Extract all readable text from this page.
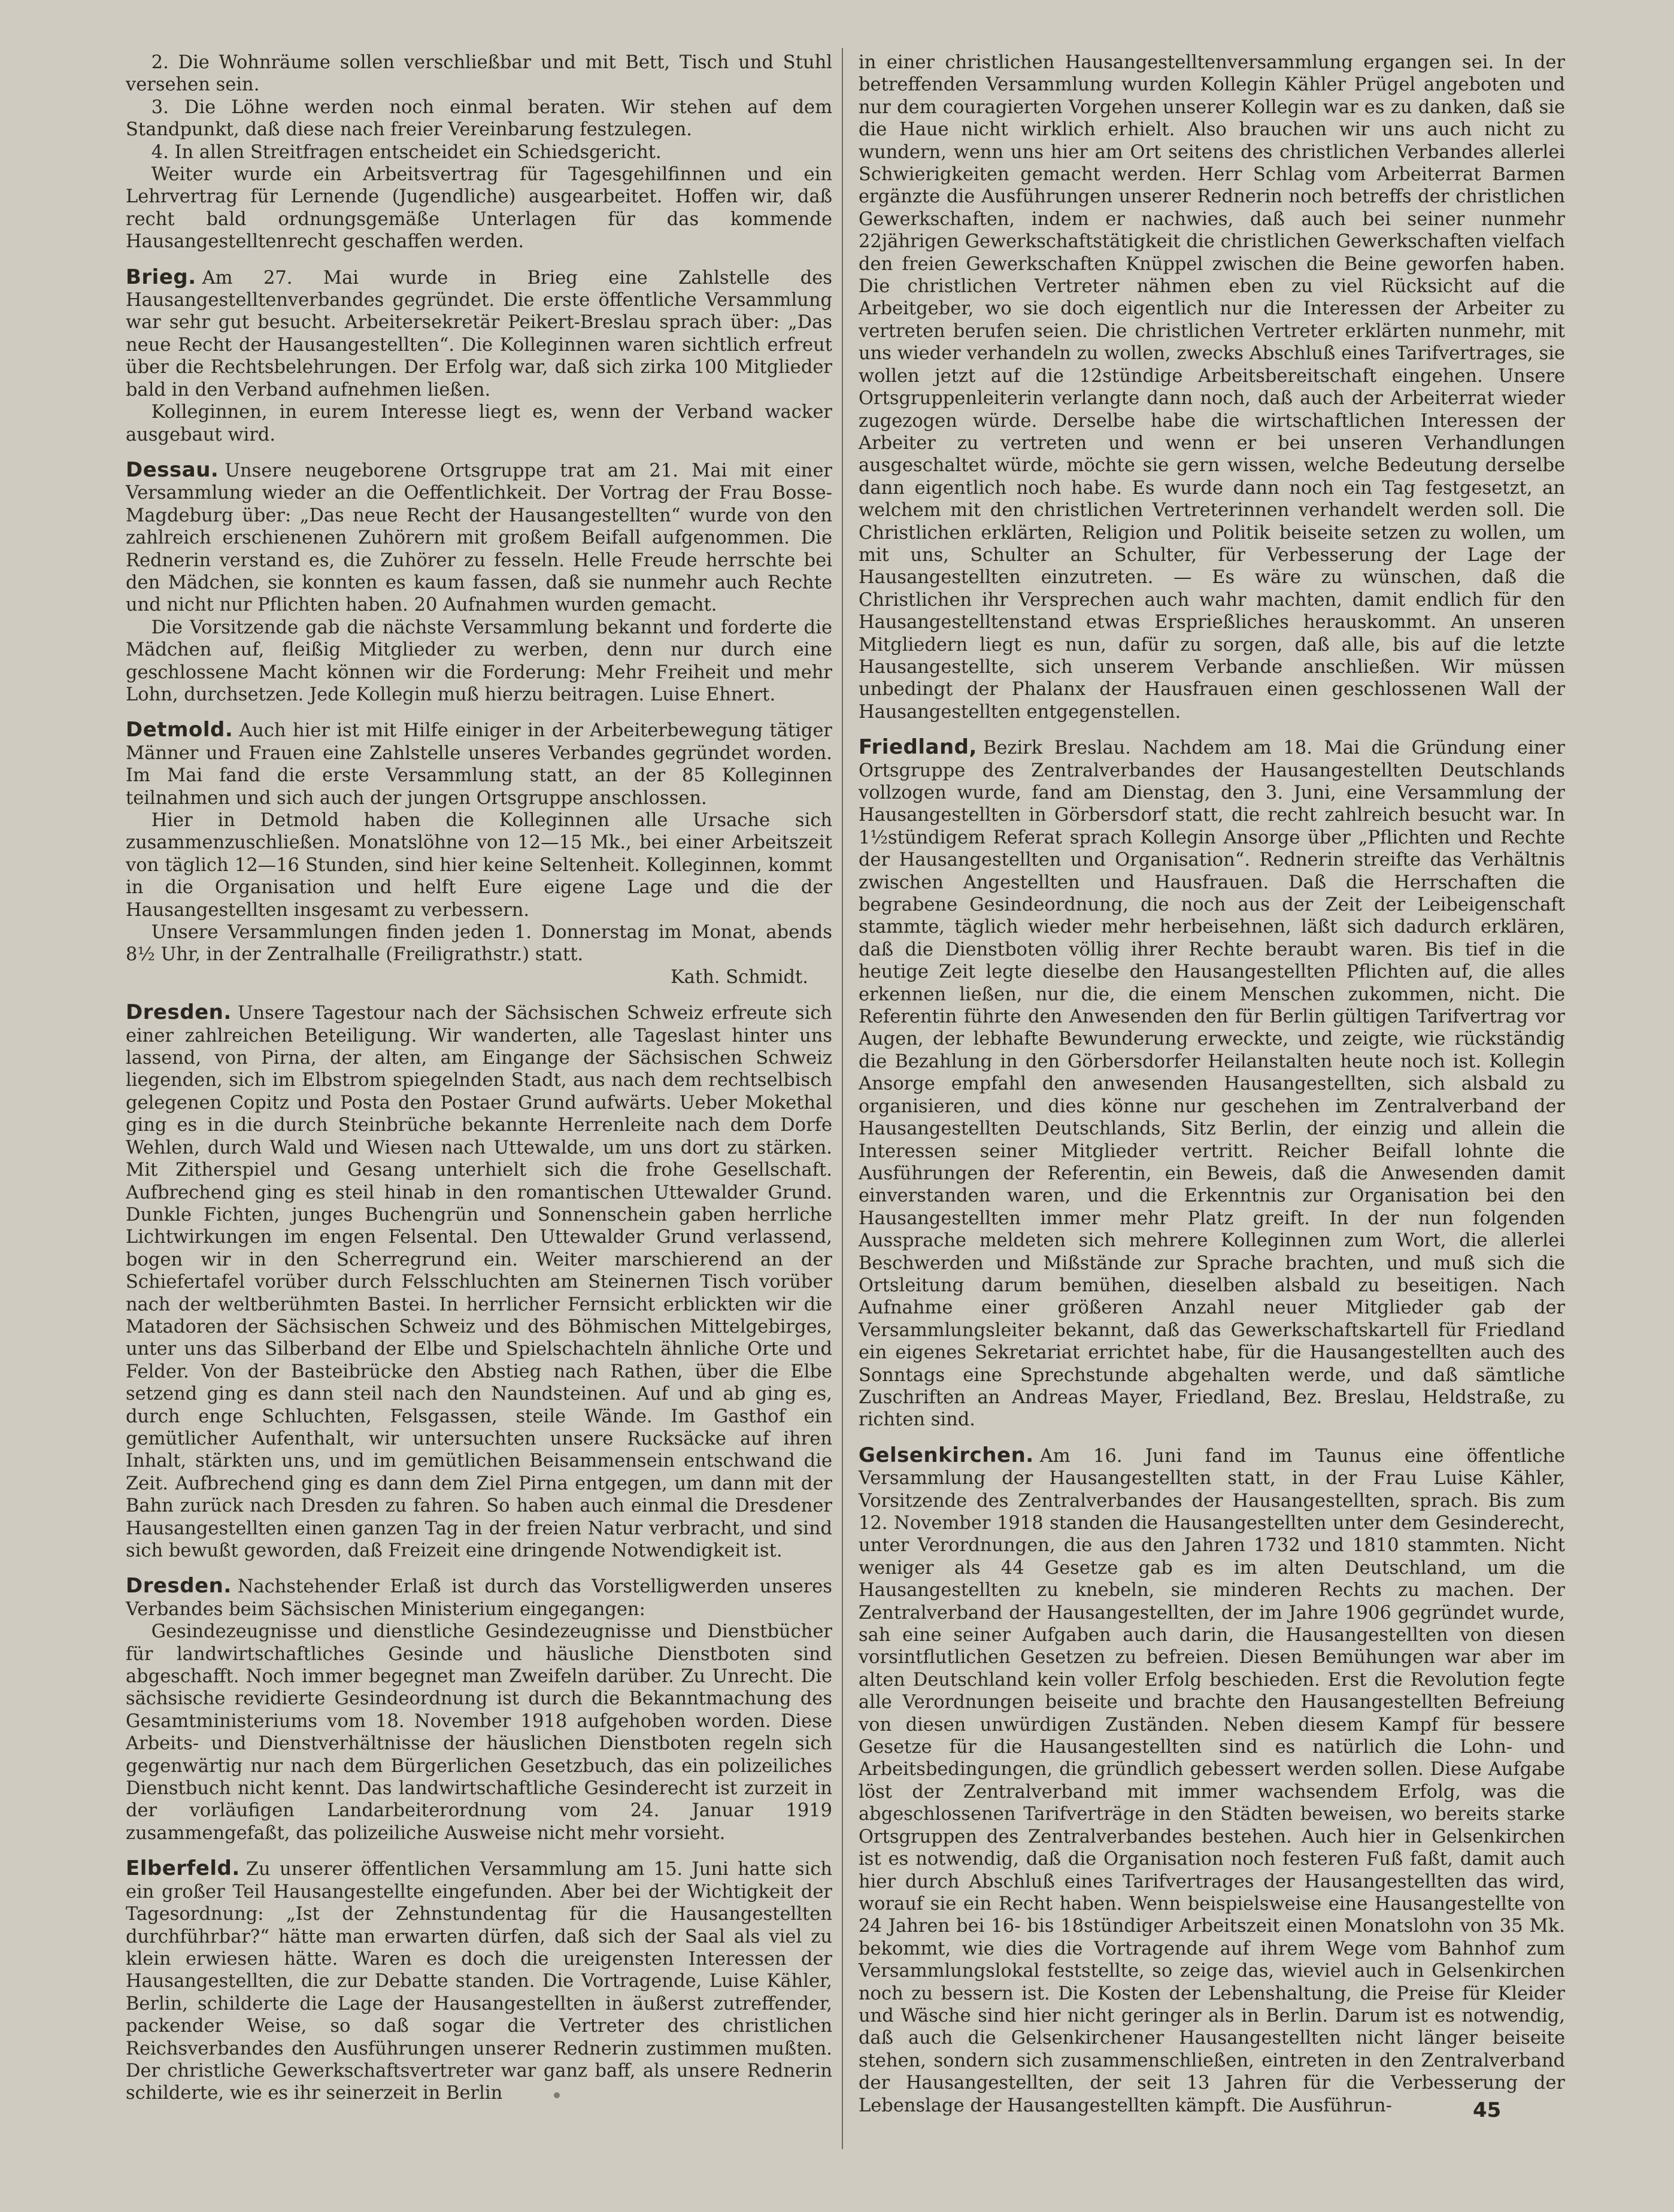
2. Die Wohnräume sollen verschließbar und mit Bett, Tisch und Stuhl versehen sein.

3. Die Löhne werden noch einmal beraten. Wir stehen auf dem Standpunkt, daß diese nach freier Vereinbarung festzulegen.

4. In allen Streitfragen entscheidet ein Schiedsgericht.

Weiter wurde ein Arbeitsvertrag für Tagesgehilfinnen und ein Lehrvertrag für Lernende (Jugendliche) ausgearbeitet. Hoffen wir, daß recht bald ordnungsgemäße Unterlagen für das kommende Hausangestelltenrecht geschaffen werden.

Brieg. Am 27. Mai wurde in Brieg eine Zahlstelle des Hausangestelltenverbandes gegründet. Die erste öffentliche Versammlung war sehr gut besucht. Arbeitersekretär Peikert-Breslau sprach über: „Das neue Recht der Hausangestellten“. Die Kolleginnen waren sichtlich erfreut über die Rechtsbelehrungen. Der Erfolg war, daß sich zirka 100 Mitglieder bald in den Verband aufnehmen ließen.

Kolleginnen, in eurem Interesse liegt es, wenn der Verband wacker ausgebaut wird.

Dessau. Unsere neugeborene Ortsgruppe trat am 21. Mai mit einer Versammlung wieder an die Oeffentlichkeit. Der Vortrag der Frau Bosse-Magdeburg über: „Das neue Recht der Hausangestellten“ wurde von den zahlreich erschienenen Zuhörern mit großem Beifall aufgenommen. Die Rednerin verstand es, die Zuhörer zu fesseln. Helle Freude herrschte bei den Mädchen, sie konnten es kaum fassen, daß sie nunmehr auch Rechte und nicht nur Pflichten haben. 20 Aufnahmen wurden gemacht.

Die Vorsitzende gab die nächste Versammlung bekannt und forderte die Mädchen auf, fleißig Mitglieder zu werben, denn nur durch eine geschlossene Macht können wir die Forderung: Mehr Freiheit und mehr Lohn, durchsetzen. Jede Kollegin muß hierzu beitragen. Luise Ehnert.

Detmold. Auch hier ist mit Hilfe einiger in der Arbeiterbewegung tätiger Männer und Frauen eine Zahlstelle unseres Verbandes gegründet worden. Im Mai fand die erste Versammlung statt, an der 85 Kolleginnen teilnahmen und sich auch der jungen Ortsgruppe anschlossen.

Hier in Detmold haben die Kolleginnen alle Ursache sich zusammenzuschließen. Monatslöhne von 12—15 Mk., bei einer Arbeitszeit von täglich 12—16 Stunden, sind hier keine Seltenheit. Kolleginnen, kommt in die Organisation und helft Eure eigene Lage und die der Hausangestellten insgesamt zu verbessern.

Unsere Versammlungen finden jeden 1. Donnerstag im Monat, abends 8½ Uhr, in der Zentralhalle (Freiligrathstr.) statt.

Kath. Schmidt.

Dresden. Unsere Tagestour nach der Sächsischen Schweiz erfreute sich einer zahlreichen Beteiligung. Wir wanderten, alle Tageslast hinter uns lassend, von Pirna, der alten, am Eingange der Sächsischen Schweiz liegenden, sich im Elbstrom spiegelnden Stadt, aus nach dem rechtselbisch gelegenen Copitz und Posta den Postaer Grund aufwärts. Ueber Mokethal ging es in die durch Steinbrüche bekannte Herrenleite nach dem Dorfe Wehlen, durch Wald und Wiesen nach Uttewalde, um uns dort zu stärken. Mit Zitherspiel und Gesang unterhielt sich die frohe Gesellschaft. Aufbrechend ging es steil hinab in den romantischen Uttewalder Grund. Dunkle Fichten, junges Buchengrün und Sonnenschein gaben herrliche Lichtwirkungen im engen Felsental. Den Uttewalder Grund verlassend, bogen wir in den Scherregrund ein. Weiter marschierend an der Schiefertafel vorüber durch Felsschluchten am Steinernen Tisch vorüber nach der weltberühmten Bastei. In herrlicher Fernsicht erblickten wir die Matadoren der Sächsischen Schweiz und des Böhmischen Mittelgebirges, unter uns das Silberband der Elbe und Spielschachteln ähnliche Orte und Felder. Von der Basteibrücke den Abstieg nach Rathen, über die Elbe setzend ging es dann steil nach den Naundsteinen. Auf und ab ging es, durch enge Schluchten, Felsgassen, steile Wände. Im Gasthof ein gemütlicher Aufenthalt, wir untersuchten unsere Rucksäcke auf ihren Inhalt, stärkten uns, und im gemütlichen Beisammensein entschwand die Zeit. Aufbrechend ging es dann dem Ziel Pirna entgegen, um dann mit der Bahn zurück nach Dresden zu fahren. So haben auch einmal die Dresdener Hausangestellten einen ganzen Tag in der freien Natur verbracht, und sind sich bewußt geworden, daß Freizeit eine dringende Notwendigkeit ist.

Dresden. Nachstehender Erlaß ist durch das Vorstelligwerden unseres Verbandes beim Sächsischen Ministerium eingegangen:

Gesindezeugnisse und dienstliche Gesindezeugnisse und Dienstbücher für landwirtschaftliches Gesinde und häusliche Dienstboten sind abgeschafft. Noch immer begegnet man Zweifeln darüber. Zu Unrecht. Die sächsische revidierte Gesindeordnung ist durch die Bekanntmachung des Gesamtministeriums vom 18. November 1918 aufgehoben worden. Diese Arbeits- und Dienstverhältnisse der häuslichen Dienstboten regeln sich gegenwärtig nur nach dem Bürgerlichen Gesetzbuch, das ein polizeiliches Dienstbuch nicht kennt. Das landwirtschaftliche Gesinderecht ist zurzeit in der vorläufigen Landarbeiterordnung vom 24. Januar 1919 zusammengefaßt, das polizeiliche Ausweise nicht mehr vorsieht.

Elberfeld. Zu unserer öffentlichen Versammlung am 15. Juni hatte sich ein großer Teil Hausangestellte eingefunden. Aber bei der Wichtigkeit der Tagesordnung: „Ist der Zehnstundentag für die Hausangestellten durchführbar?“ hätte man erwarten dürfen, daß sich der Saal als viel zu klein erwiesen hätte. Waren es doch die ureigensten Interessen der Hausangestellten, die zur Debatte standen. Die Vortragende, Luise Kähler, Berlin, schilderte die Lage der Hausangestellten in äußerst zutreffender, packender Weise, so daß sogar die Vertreter des christlichen Reichsverbandes den Ausführungen unserer Rednerin zustimmen mußten. Der christliche Gewerkschaftsvertreter war ganz baff, als unsere Rednerin schilderte, wie es ihr seinerzeit in Berlin

in einer christlichen Hausangestelltenversammlung ergangen sei. In der betreffenden Versammlung wurden Kollegin Kähler Prügel angeboten und nur dem couragierten Vorgehen unserer Kollegin war es zu danken, daß sie die Haue nicht wirklich erhielt. Also brauchen wir uns auch nicht zu wundern, wenn uns hier am Ort seitens des christlichen Verbandes allerlei Schwierigkeiten gemacht werden. Herr Schlag vom Arbeiterrat Barmen ergänzte die Ausführungen unserer Rednerin noch betreffs der christlichen Gewerkschaften, indem er nachwies, daß auch bei seiner nunmehr 22jährigen Gewerkschaftstätigkeit die christlichen Gewerkschaften vielfach den freien Gewerkschaften Knüppel zwischen die Beine geworfen haben. Die christlichen Vertreter nähmen eben zu viel Rücksicht auf die Arbeitgeber, wo sie doch eigentlich nur die Interessen der Arbeiter zu vertreten berufen seien. Die christlichen Vertreter erklärten nunmehr, mit uns wieder verhandeln zu wollen, zwecks Abschluß eines Tarifvertrages, sie wollen jetzt auf die 12stündige Arbeitsbereitschaft eingehen. Unsere Ortsgruppenleiterin verlangte dann noch, daß auch der Arbeiterrat wieder zugezogen würde. Derselbe habe die wirtschaftlichen Interessen der Arbeiter zu vertreten und wenn er bei unseren Verhandlungen ausgeschaltet würde, möchte sie gern wissen, welche Bedeutung derselbe dann eigentlich noch habe. Es wurde dann noch ein Tag festgesetzt, an welchem mit den christlichen Vertreterinnen verhandelt werden soll. Die Christlichen erklärten, Religion und Politik beiseite setzen zu wollen, um mit uns, Schulter an Schulter, für Verbesserung der Lage der Hausangestellten einzutreten. — Es wäre zu wünschen, daß die Christlichen ihr Versprechen auch wahr machten, damit endlich für den Hausangestelltenstand etwas Ersprießliches herauskommt. An unseren Mitgliedern liegt es nun, dafür zu sorgen, daß alle, bis auf die letzte Hausangestellte, sich unserem Verbande anschließen. Wir müssen unbedingt der Phalanx der Hausfrauen einen geschlossenen Wall der Hausangestellten entgegenstellen.

Friedland, Bezirk Breslau. Nachdem am 18. Mai die Gründung einer Ortsgruppe des Zentralverbandes der Hausangestellten Deutschlands vollzogen wurde, fand am Dienstag, den 3. Juni, eine Versammlung der Hausangestellten in Görbersdorf statt, die recht zahlreich besucht war. In 1½stündigem Referat sprach Kollegin Ansorge über „Pflichten und Rechte der Hausangestellten und Organisation“. Rednerin streifte das Verhältnis zwischen Angestellten und Hausfrauen. Daß die Herrschaften die begrabene Gesindeordnung, die noch aus der Zeit der Leibeigenschaft stammte, täglich wieder mehr herbeisehnen, läßt sich dadurch erklären, daß die Dienstboten völlig ihrer Rechte beraubt waren. Bis tief in die heutige Zeit legte dieselbe den Hausangestellten Pflichten auf, die alles erkennen ließen, nur die, die einem Menschen zukommen, nicht. Die Referentin führte den Anwesenden den für Berlin gültigen Tarifvertrag vor Augen, der lebhafte Bewunderung erweckte, und zeigte, wie rückständig die Bezahlung in den Görbersdorfer Heilanstalten heute noch ist. Kollegin Ansorge empfahl den anwesenden Hausangestellten, sich alsbald zu organisieren, und dies könne nur geschehen im Zentralverband der Hausangestellten Deutschlands, Sitz Berlin, der einzig und allein die Interessen seiner Mitglieder vertritt. Reicher Beifall lohnte die Ausführungen der Referentin, ein Beweis, daß die Anwesenden damit einverstanden waren, und die Erkenntnis zur Organisation bei den Hausangestellten immer mehr Platz greift. In der nun folgenden Aussprache meldeten sich mehrere Kolleginnen zum Wort, die allerlei Beschwerden und Mißstände zur Sprache brachten, und muß sich die Ortsleitung darum bemühen, dieselben alsbald zu beseitigen. Nach Aufnahme einer größeren Anzahl neuer Mitglieder gab der Versammlungsleiter bekannt, daß das Gewerkschaftskartell für Friedland ein eigenes Sekretariat errichtet habe, für die Hausangestellten auch des Sonntags eine Sprechstunde abgehalten werde, und daß sämtliche Zuschriften an Andreas Mayer, Friedland, Bez. Breslau, Heldstraße, zu richten sind.

Gelsenkirchen. Am 16. Juni fand im Taunus eine öffentliche Versammlung der Hausangestellten statt, in der Frau Luise Kähler, Vorsitzende des Zentralverbandes der Hausangestellten, sprach. Bis zum 12. November 1918 standen die Hausangestellten unter dem Gesinderecht, unter Verordnungen, die aus den Jahren 1732 und 1810 stammten. Nicht weniger als 44 Gesetze gab es im alten Deutschland, um die Hausangestellten zu knebeln, sie minderen Rechts zu machen. Der Zentralverband der Hausangestellten, der im Jahre 1906 gegründet wurde, sah eine seiner Aufgaben auch darin, die Hausangestellten von diesen vorsintflutlichen Gesetzen zu befreien. Diesen Bemühungen war aber im alten Deutschland kein voller Erfolg beschieden. Erst die Revolution fegte alle Verordnungen beiseite und brachte den Hausangestellten Befreiung von diesen unwürdigen Zuständen. Neben diesem Kampf für bessere Gesetze für die Hausangestellten sind es natürlich die Lohn- und Arbeitsbedingungen, die gründlich gebessert werden sollen. Diese Aufgabe löst der Zentralverband mit immer wachsendem Erfolg, was die abgeschlossenen Tarifverträge in den Städten beweisen, wo bereits starke Ortsgruppen des Zentralverbandes bestehen. Auch hier in Gelsenkirchen ist es notwendig, daß die Organisation noch festeren Fuß faßt, damit auch hier durch Abschluß eines Tarifvertrages der Hausangestellten das wird, worauf sie ein Recht haben. Wenn beispielsweise eine Hausangestellte von 24 Jahren bei 16- bis 18stündiger Arbeitszeit einen Monatslohn von 35 Mk. bekommt, wie dies die Vortragende auf ihrem Wege vom Bahnhof zum Versammlungslokal feststellte, so zeige das, wieviel auch in Gelsenkirchen noch zu bessern ist. Die Kosten der Lebenshaltung, die Preise für Kleider und Wäsche sind hier nicht geringer als in Berlin. Darum ist es notwendig, daß auch die Gelsenkirchener Hausangestellten nicht länger beiseite stehen, sondern sich zusammenschließen, eintreten in den Zentralverband der Hausangestellten, der seit 13 Jahren für die Verbesserung der Lebenslage der Hausangestellten kämpft. Die Ausführun-	45
